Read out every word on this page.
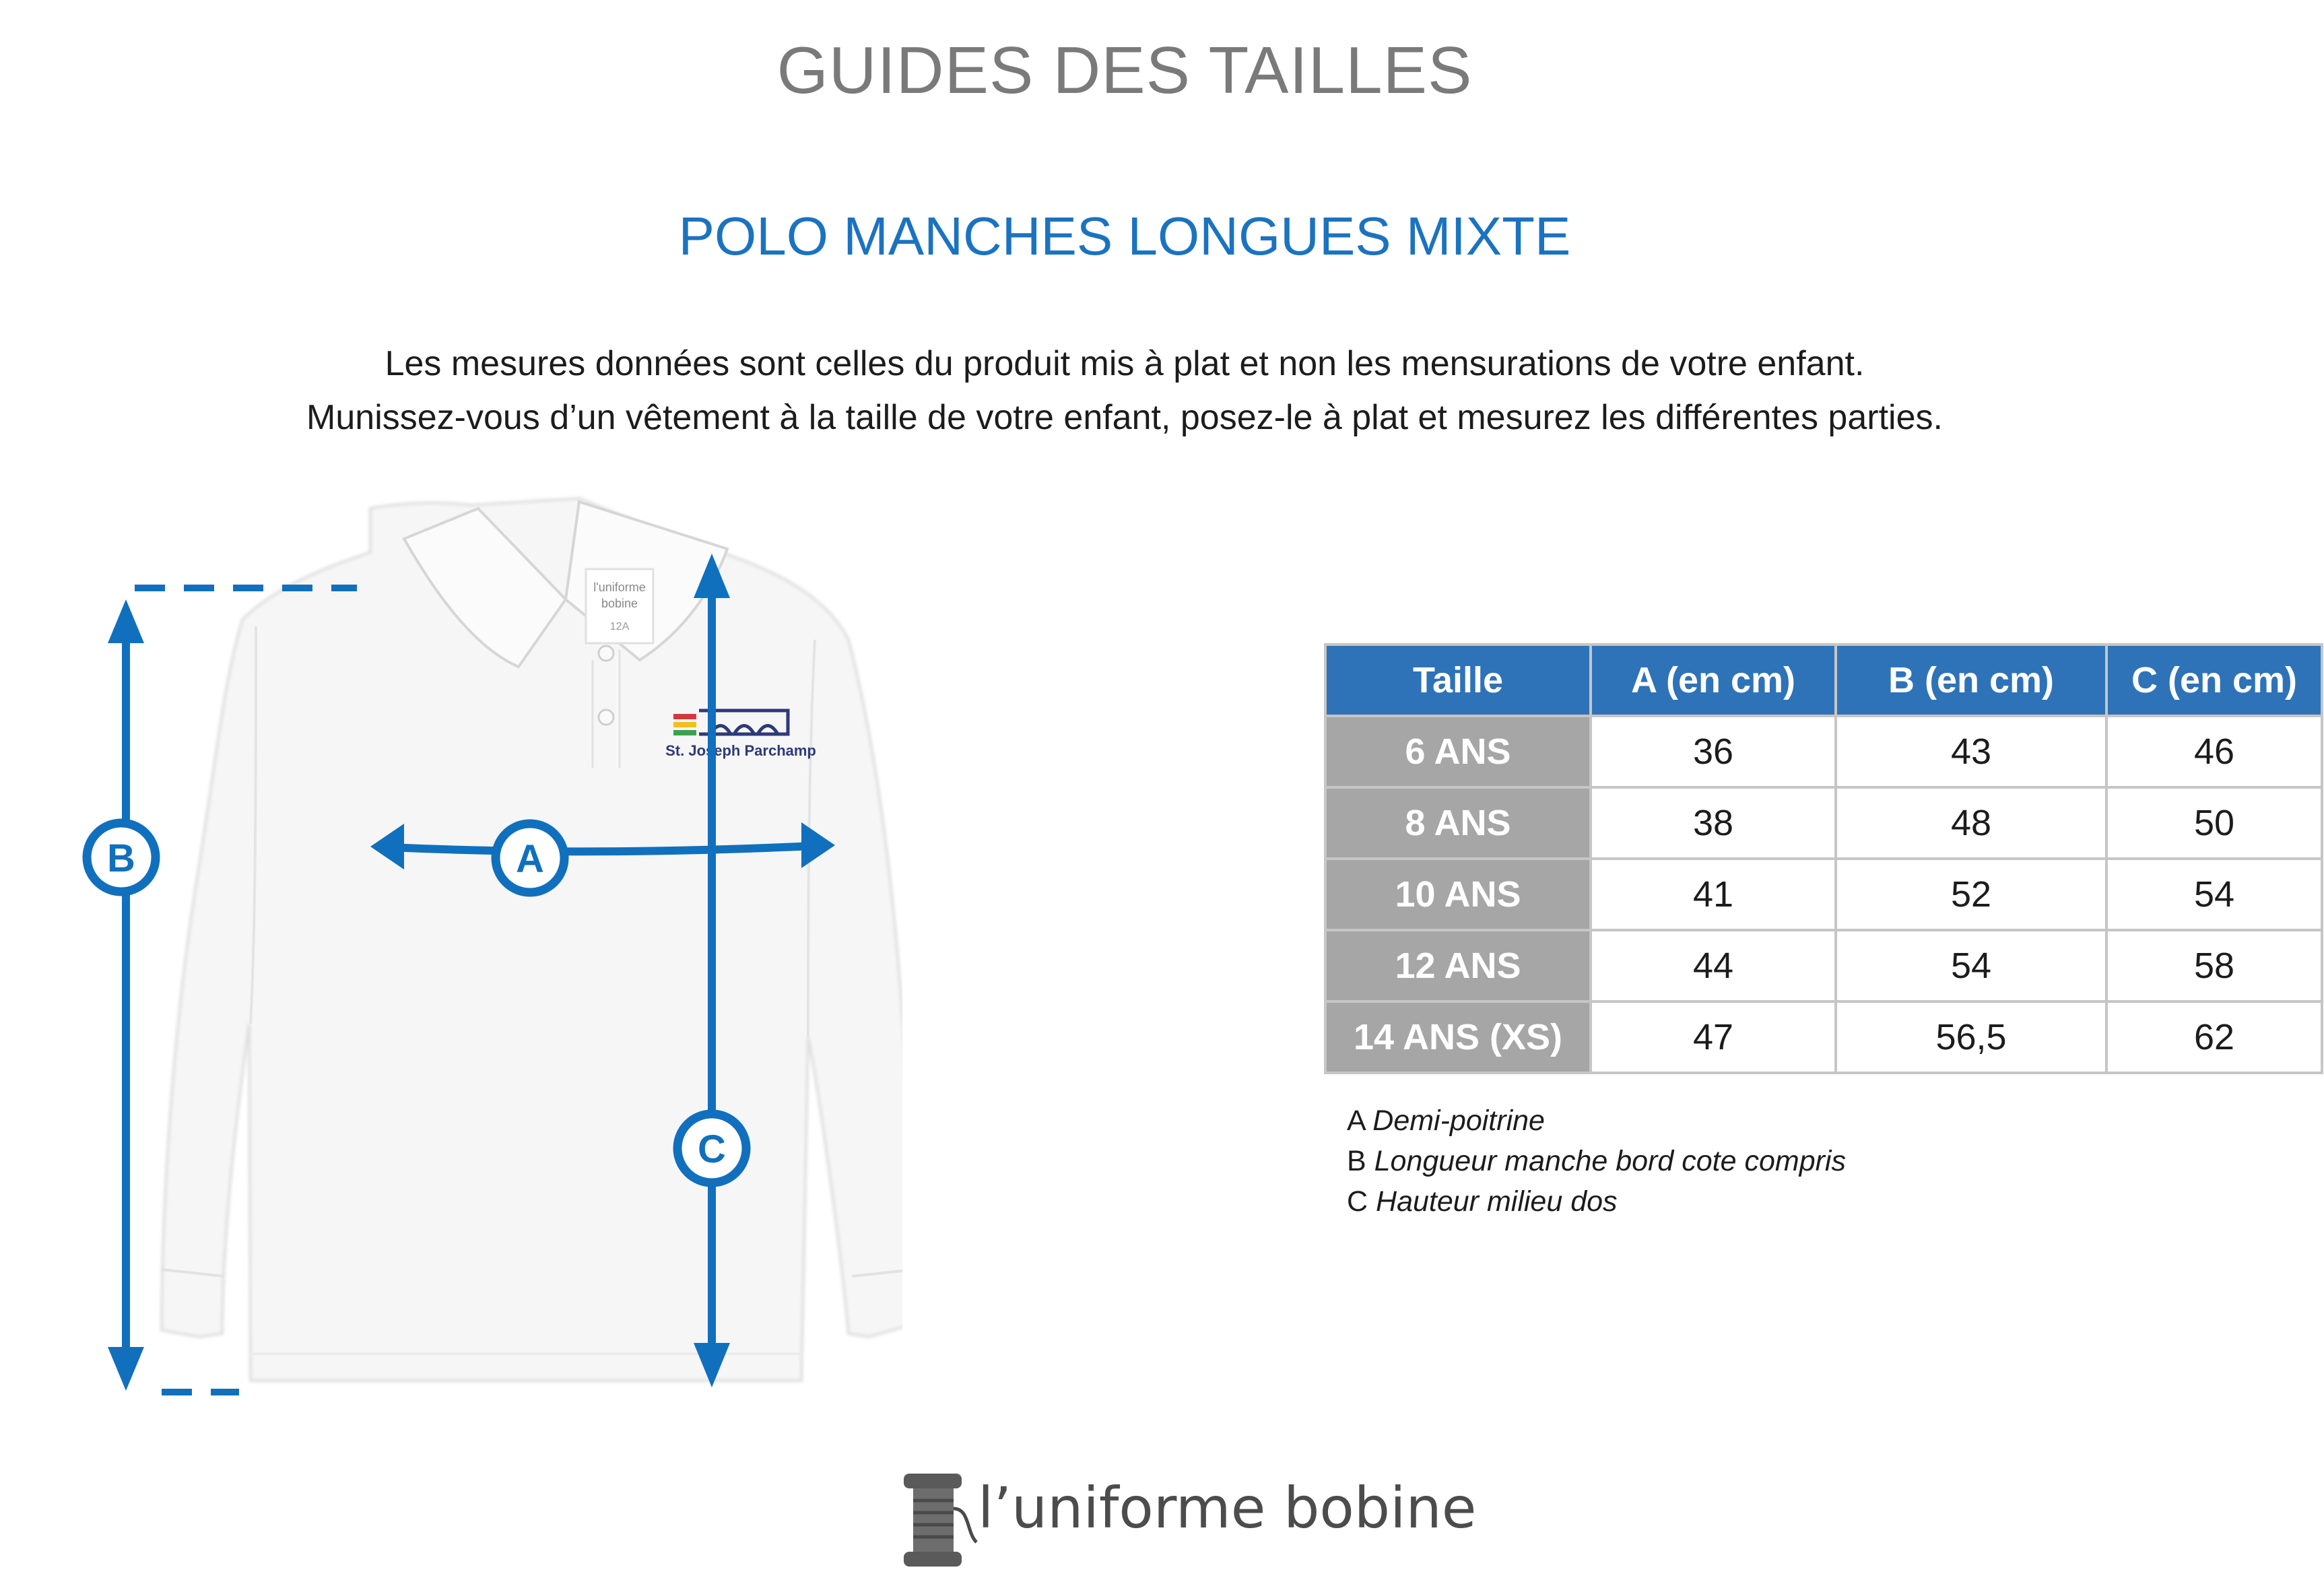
GUIDES DES TAILLES
POLO MANCHES LONGUES MIXTE
Les mesures données sont celles du produit mis à plat et non les mensurations de votre enfant.
Munissez-vous d’un vêtement à la taille de votre enfant, posez-le à plat et mesurez les différentes parties.
l'uniforme
bobine
12A
St. Joseph Parchamp
B	A
C
Taille	A (en cm)	B (en cm)	C (en cm)
6 ANS	36	43	46
8 ANS	38	48	50
10 ANS	41	52	54
12 ANS	44	54	58
14 ANS (XS)	47	56,5	62
A Demi-poitrine
B Longueur manche bord cote compris
C Hauteur milieu dos
l’uniforme bobine
